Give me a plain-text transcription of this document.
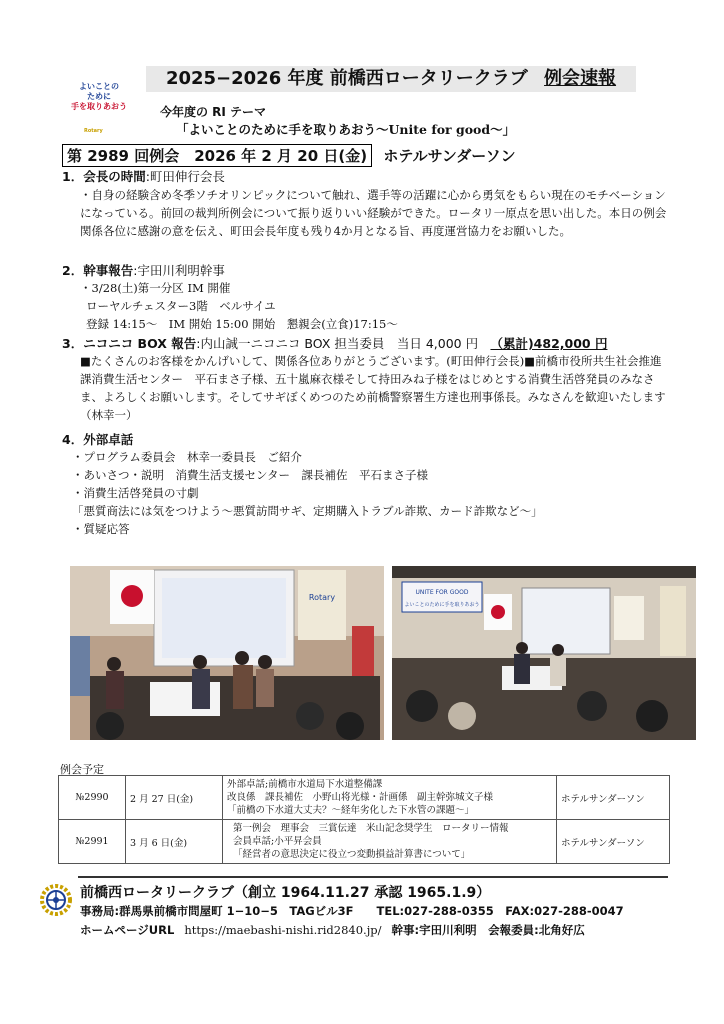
よいことの
ために
手を取りあおう
Rotary
2025−2026 年度 前橋西ロータリークラブ 例会速報
今年度の RI テーマ
「よいことのために手を取りあおう〜Unite for good〜」
第 2989 回例会　2026 年 2 月 20 日(金) ホテルサンダーソン
1．会長の時間:町田伸行会長
・自身の経験含め冬季ソチオリンピックについて触れ、選手等の活躍に心から勇気をもらい現在のモチベーションになっている。前回の裁判所例会について振り返りいい経験ができた。ロータリ一原点を思い出した。本日の例会関係各位に感謝の意を伝え、町田会長年度も残り4か月となる旨、再度運営協力をお願いした。
2．幹事報告:宇田川利明幹事
・3/28(土)第一分区 IM 開催
ローヤルチェスター3階　ベルサイユ
登録 14:15〜　IM 開始 15:00 開始　懇親会(立食)17:15〜
3．ニコニコ BOX 報告:内山誠一ニコニコ BOX 担当委員　当日 4,000 円 （累計)482,000 円
■たくさんのお客様をかんげいして、関係各位ありがとうございます。(町田伸行会長)■前橋市役所共生社会推進課消費生活センター　平石まさ子様、五十嵐麻衣様そして持田みね子様をはじめとする消費生活啓発員のみなさま、よろしくお願いします。そしてサギぼくめつのため前橋警察署生方達也刑事係長。みなさんを歓迎いたします（林幸一）
4．外部卓話
・プログラム委員会　林幸一委員長　ご紹介
・あいさつ・説明　消費生活支援センター　課長補佐　平石まさ子様
・消費生活啓発員の寸劇
「悪質商法には気をつけよう〜悪質訪問サギ、定期購入トラブル詐欺、カード詐欺など〜」
・質疑応答
Rotary
UNITE FOR GOOD
よいことのために手を取りあおう
例会予定
№2990	2 月 27 日(金)	外部卓話;前橋市水道局下水道整備課
改良係　課長補佐　小野山将光様・計画係　副主幹弥城文子様
「前橋の下水道大丈夫？〜経年劣化した下水管の課題〜」	ホテルサンダーソン
№2991	3 月 6 日(金)	第一例会　理事会　三賞伝達　米山記念奨学生　ロータリー情報
会員卓話;小平昇会員
「経営者の意思決定に役立つ変動損益計算書について」	ホテルサンダーソン
前橋西ロータリークラブ（創立 1964.11.27 承認 1965.1.9）
事務局:群馬県前橋市問屋町 1−10−5　TAGビル3F　　TEL:027-288-0355　FAX:027-288-0047
ホームページURL https://maebashi-nishi.rid2840.jp/ 幹事:宇田川利明　会報委員:北角好広
